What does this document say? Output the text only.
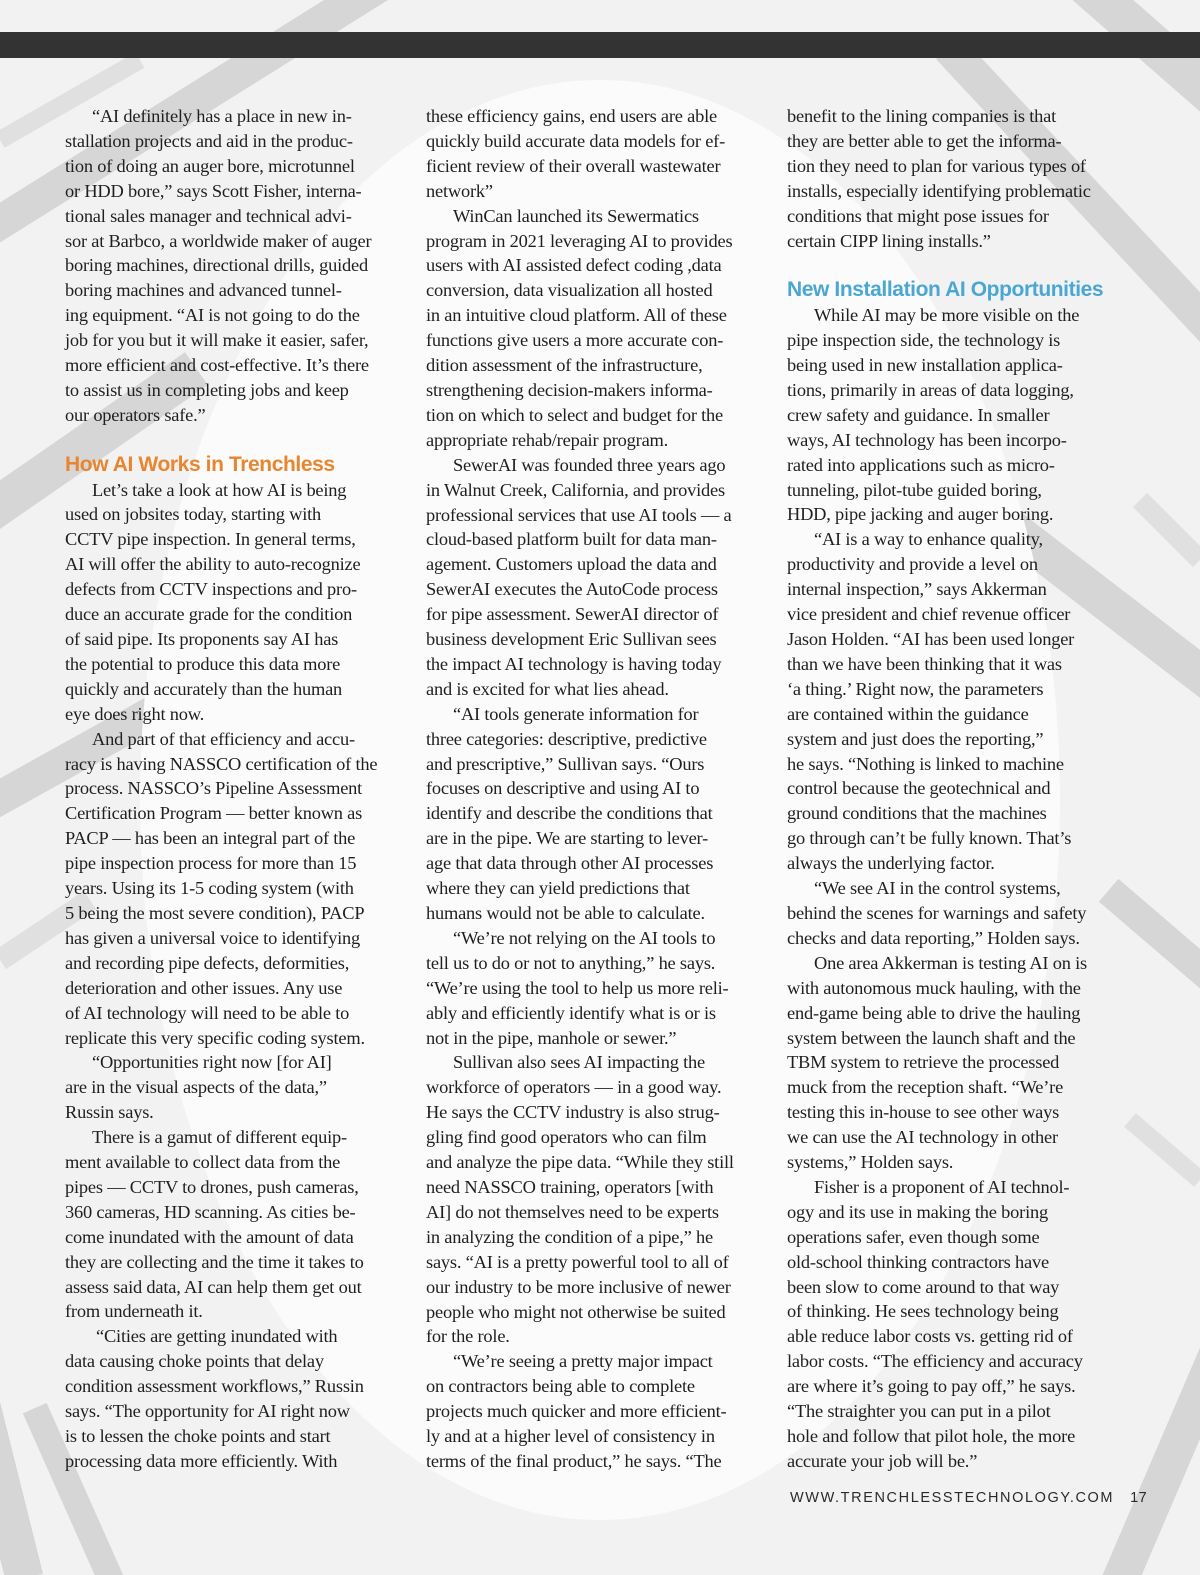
“AI definitely has a place in new in-
stallation projects and aid in the produc-
tion of doing an auger bore, microtunnel
or HDD bore,” says Scott Fisher, interna-
tional sales manager and technical advi-
sor at Barbco, a worldwide maker of auger
boring machines, directional drills, guided
boring machines and advanced tunnel-
ing equipment. “AI is not going to do the
job for you but it will make it easier, safer,
more efficient and cost-effective. It’s there
to assist us in completing jobs and keep
our operators safe.”
How AI Works in Trenchless
Let’s take a look at how AI is being
used on jobsites today, starting with
CCTV pipe inspection. In general terms,
AI will offer the ability to auto-recognize
defects from CCTV inspections and pro-
duce an accurate grade for the condition
of said pipe. Its proponents say AI has
the potential to produce this data more
quickly and accurately than the human
eye does right now.
And part of that efficiency and accu-
racy is having NASSCO certification of the
process. NASSCO’s Pipeline Assessment
Certification Program — better known as
PACP — has been an integral part of the
pipe inspection process for more than 15
years. Using its 1-5 coding system (with
5 being the most severe condition), PACP
has given a universal voice to identifying
and recording pipe defects, deformities,
deterioration and other issues. Any use
of AI technology will need to be able to
replicate this very specific coding system.
“Opportunities right now [for AI]
are in the visual aspects of the data,”
Russin says.
There is a gamut of different equip-
ment available to collect data from the
pipes — CCTV to drones, push cameras,
360 cameras, HD scanning. As cities be-
come inundated with the amount of data
they are collecting and the time it takes to
assess said data, AI can help them get out
from underneath it.
“Cities are getting inundated with
data causing choke points that delay
condition assessment workflows,” Russin
says. “The opportunity for AI right now
is to lessen the choke points and start
processing data more efficiently. With
these efficiency gains, end users are able
quickly build accurate data models for ef-
ficient review of their overall wastewater
network”
WinCan launched its Sewermatics
program in 2021 leveraging AI to provides
users with AI assisted defect coding ,data
conversion, data visualization all hosted
in an intuitive cloud platform. All of these
functions give users a more accurate con-
dition assessment of the infrastructure,
strengthening decision-makers informa-
tion on which to select and budget for the
appropriate rehab/repair program.
SewerAI was founded three years ago
in Walnut Creek, California, and provides
professional services that use AI tools — a
cloud-based platform built for data man-
agement. Customers upload the data and
SewerAI executes the AutoCode process
for pipe assessment. SewerAI director of
business development Eric Sullivan sees
the impact AI technology is having today
and is excited for what lies ahead.
“AI tools generate information for
three categories: descriptive, predictive
and prescriptive,” Sullivan says. “Ours
focuses on descriptive and using AI to
identify and describe the conditions that
are in the pipe. We are starting to lever-
age that data through other AI processes
where they can yield predictions that
humans would not be able to calculate.
“We’re not relying on the AI tools to
tell us to do or not to anything,” he says.
“We’re using the tool to help us more reli-
ably and efficiently identify what is or is
not in the pipe, manhole or sewer.”
Sullivan also sees AI impacting the
workforce of operators — in a good way.
He says the CCTV industry is also strug-
gling find good operators who can film
and analyze the pipe data. “While they still
need NASSCO training, operators [with
AI] do not themselves need to be experts
in analyzing the condition of a pipe,” he
says. “AI is a pretty powerful tool to all of
our industry to be more inclusive of newer
people who might not otherwise be suited
for the role.
“We’re seeing a pretty major impact
on contractors being able to complete
projects much quicker and more efficient-
ly and at a higher level of consistency in
terms of the final product,” he says. “The
benefit to the lining companies is that
they are better able to get the informa-
tion they need to plan for various types of
installs, especially identifying problematic
conditions that might pose issues for
certain CIPP lining installs.”
New Installation AI Opportunities
While AI may be more visible on the
pipe inspection side, the technology is
being used in new installation applica-
tions, primarily in areas of data logging,
crew safety and guidance. In smaller
ways, AI technology has been incorpo-
rated into applications such as micro-
tunneling, pilot-tube guided boring,
HDD, pipe jacking and auger boring.
“AI is a way to enhance quality,
productivity and provide a level on
internal inspection,” says Akkerman
vice president and chief revenue officer
Jason Holden. “AI has been used longer
than we have been thinking that it was
‘a thing.’ Right now, the parameters
are contained within the guidance
system and just does the reporting,”
he says. “Nothing is linked to machine
control because the geotechnical and
ground conditions that the machines
go through can’t be fully known. That’s
always the underlying factor.
“We see AI in the control systems,
behind the scenes for warnings and safety
checks and data reporting,” Holden says.
One area Akkerman is testing AI on is
with autonomous muck hauling, with the
end-game being able to drive the hauling
system between the launch shaft and the
TBM system to retrieve the processed
muck from the reception shaft. “We’re
testing this in-house to see other ways
we can use the AI technology in other
systems,” Holden says.
Fisher is a proponent of AI technol-
ogy and its use in making the boring
operations safer, even though some
old-school thinking contractors have
been slow to come around to that way
of thinking. He sees technology being
able reduce labor costs vs. getting rid of
labor costs. “The efficiency and accuracy
are where it’s going to pay off,” he says.
“The straighter you can put in a pilot
hole and follow that pilot hole, the more
accurate your job will be.”
WWW.TRENCHLESSTECHNOLOGY.COM 17
